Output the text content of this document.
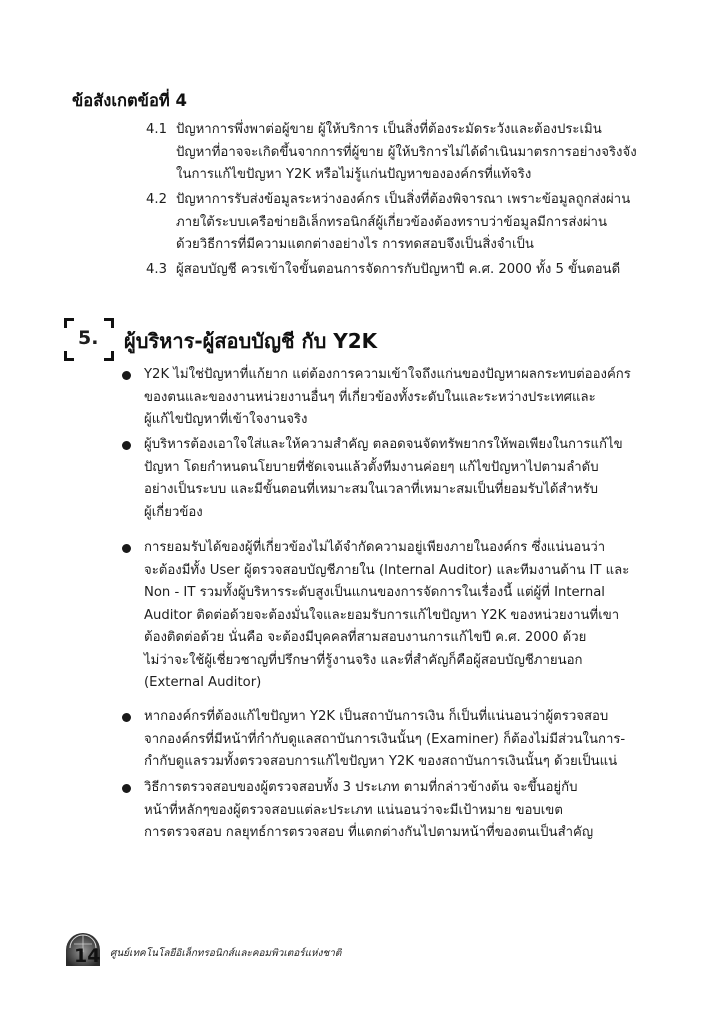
ข้อสังเกตข้อที่ 4
4.1 ปัญหาการพึ่งพาต่อผู้ขาย ผู้ให้บริการ เป็นสิ่งที่ต้องระมัดระวังและต้องประเมิน
ปัญหาที่อาจจะเกิดขึ้นจากการที่ผู้ขาย ผู้ให้บริการไม่ได้ดำเนินมาตรการอย่างจริงจัง
ในการแก้ไขปัญหา Y2K หรือไม่รู้แก่นปัญหาขององค์กรที่แท้จริง
4.2 ปัญหาการรับส่งข้อมูลระหว่างองค์กร เป็นสิ่งที่ต้องพิจารณา เพราะข้อมูลถูกส่งผ่าน
ภายใต้ระบบเครือข่ายอิเล็กทรอนิกส์ผู้เกี่ยวข้องต้องทราบว่าข้อมูลมีการส่งผ่าน
ด้วยวิธีการที่มีความแตกต่างอย่างไร การทดสอบจึงเป็นสิ่งจำเป็น
4.3 ผู้สอบบัญชี ควรเข้าใจขั้นตอนการจัดการกับปัญหาปี ค.ศ. 2000 ทั้ง 5 ขั้นตอนดี
5. ผู้บริหาร-ผู้สอบบัญชี กับ Y2K
Y2K ไม่ใช่ปัญหาที่แก้ยาก แต่ต้องการความเข้าใจถึงแก่นของปัญหาผลกระทบต่อองค์กร
ของตนและของงานหน่วยงานอื่นๆ ที่เกี่ยวข้องทั้งระดับในและระหว่างประเทศและ
ผู้แก้ไขปัญหาที่เข้าใจงานจริง
ผู้บริหารต้องเอาใจใส่และให้ความสำคัญ ตลอดจนจัดทรัพยากรให้พอเพียงในการแก้ไข
ปัญหา โดยกำหนดนโยบายที่ชัดเจนแล้วตั้งทีมงานค่อยๆ แก้ไขปัญหาไปตามลำดับ
อย่างเป็นระบบ และมีขั้นตอนที่เหมาะสมในเวลาที่เหมาะสมเป็นที่ยอมรับได้สำหรับ
ผู้เกี่ยวข้อง
การยอมรับได้ของผู้ที่เกี่ยวข้องไม่ได้จำกัดความอยู่เพียงภายในองค์กร ซึ่งแน่นอนว่า
จะต้องมีทั้ง User ผู้ตรวจสอบบัญชีภายใน (Internal Auditor) และทีมงานด้าน IT และ
Non - IT รวมทั้งผู้บริหารระดับสูงเป็นแกนของการจัดการในเรื่องนี้ แต่ผู้ที่ Internal
Auditor ติดต่อด้วยจะต้องมั่นใจและยอมรับการแก้ไขปัญหา Y2K ของหน่วยงานที่เขา
ต้องติดต่อด้วย นั่นคือ จะต้องมีบุคคลที่สามสอบงานการแก้ไขปี ค.ศ. 2000 ด้วย
ไม่ว่าจะใช้ผู้เชี่ยวชาญที่ปรึกษาที่รู้งานจริง และที่สำคัญก็คือผู้สอบบัญชีภายนอก
(External Auditor)
หากองค์กรที่ต้องแก้ไขปัญหา Y2K เป็นสถาบันการเงิน ก็เป็นที่แน่นอนว่าผู้ตรวจสอบ
จากองค์กรที่มีหน้าที่กำกับดูแลสถาบันการเงินนั้นๆ (Examiner) ก็ต้องไม่มีส่วนในการ-
กำกับดูแลรวมทั้งตรวจสอบการแก้ไขปัญหา Y2K ของสถาบันการเงินนั้นๆ ด้วยเป็นแน่
วิธีการตรวจสอบของผู้ตรวจสอบทั้ง 3 ประเภท ตามที่กล่าวข้างต้น จะขึ้นอยู่กับ
หน้าที่หลักๆของผู้ตรวจสอบแต่ละประเภท แน่นอนว่าจะมีเป้าหมาย ขอบเขต
การตรวจสอบ กลยุทธ์การตรวจสอบ ที่แตกต่างกันไปตามหน้าที่ของตนเป็นสำคัญ
14 ศูนย์เทคโนโลยีอิเล็กทรอนิกส์และคอมพิวเตอร์แห่งชาติ
